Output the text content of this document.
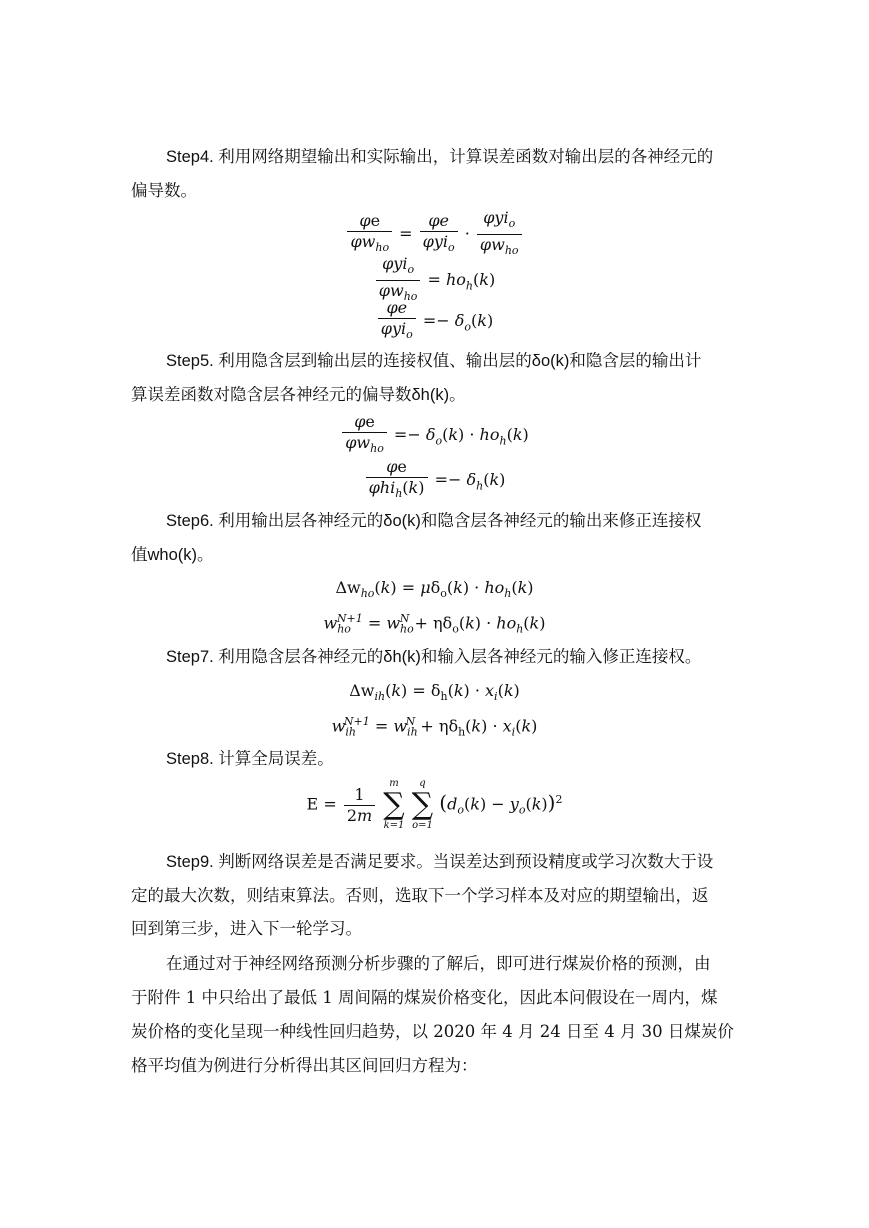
Step4. 利用网络期望输出和实际输出，计算误差函数对输出层的各神经元的
偏导数。
$\frac{\varphi e}{\varphi w_{ho}} = \frac{\varphi e}{\varphi yi_o} \cdot \frac{\varphi yi_o}{\varphi w_{ho}}$
$\frac{\varphi yi_o}{\varphi w_{ho}} = ho_h(k)$
$\frac{\varphi e}{\varphi yi_o} =- \delta_o(k)$
Step5. 利用隐含层到输出层的连接权值、输出层的δo(k)和隐含层的输出计
算误差函数对隐含层各神经元的偏导数δh(k)。
$\frac{\varphi e}{\varphi w_{ho}} =- \delta_o(k) \cdot ho_h(k)$
$\frac{\varphi e}{\varphi hi_h(k)} =- \delta_h(k)$
Step6. 利用输出层各神经元的δo(k)和隐含层各神经元的输出来修正连接权
值who(k)。
$\Delta w_{ho}(k) = \mu\delta_o(k) \cdot ho_h(k)$
$w_{ho}^{N+1} = w_{ho}^N + \eta\delta_o(k) \cdot ho_h(k)$
Step7. 利用隐含层各神经元的δh(k)和输入层各神经元的输入修正连接权。
$\Delta w_{ih}(k) = \delta_h(k) \cdot x_i(k)$
$w_{ih}^{N+1} = w_{ih}^N + \eta\delta_h(k) \cdot x_i(k)$
Step8. 计算全局误差。
$E = \frac{1}{2m}$

m
∑
k=1

q
∑
o=1
$(d_o(k) - y_o(k))^2$
Step9. 判断网络误差是否满足要求。当误差达到预设精度或学习次数大于设
定的最大次数，则结束算法。否则，选取下一个学习样本及对应的期望输出，返
回到第三步，进入下一轮学习。
在通过对于神经网络预测分析步骤的了解后，即可进行煤炭价格的预测，由
于附件 1 中只给出了最低 1 周间隔的煤炭价格变化，因此本问假设在一周内，煤
炭价格的变化呈现一种线性回归趋势，以 2020 年 4 月 24 日至 4 月 30 日煤炭价
格平均值为例进行分析得出其区间回归方程为：
